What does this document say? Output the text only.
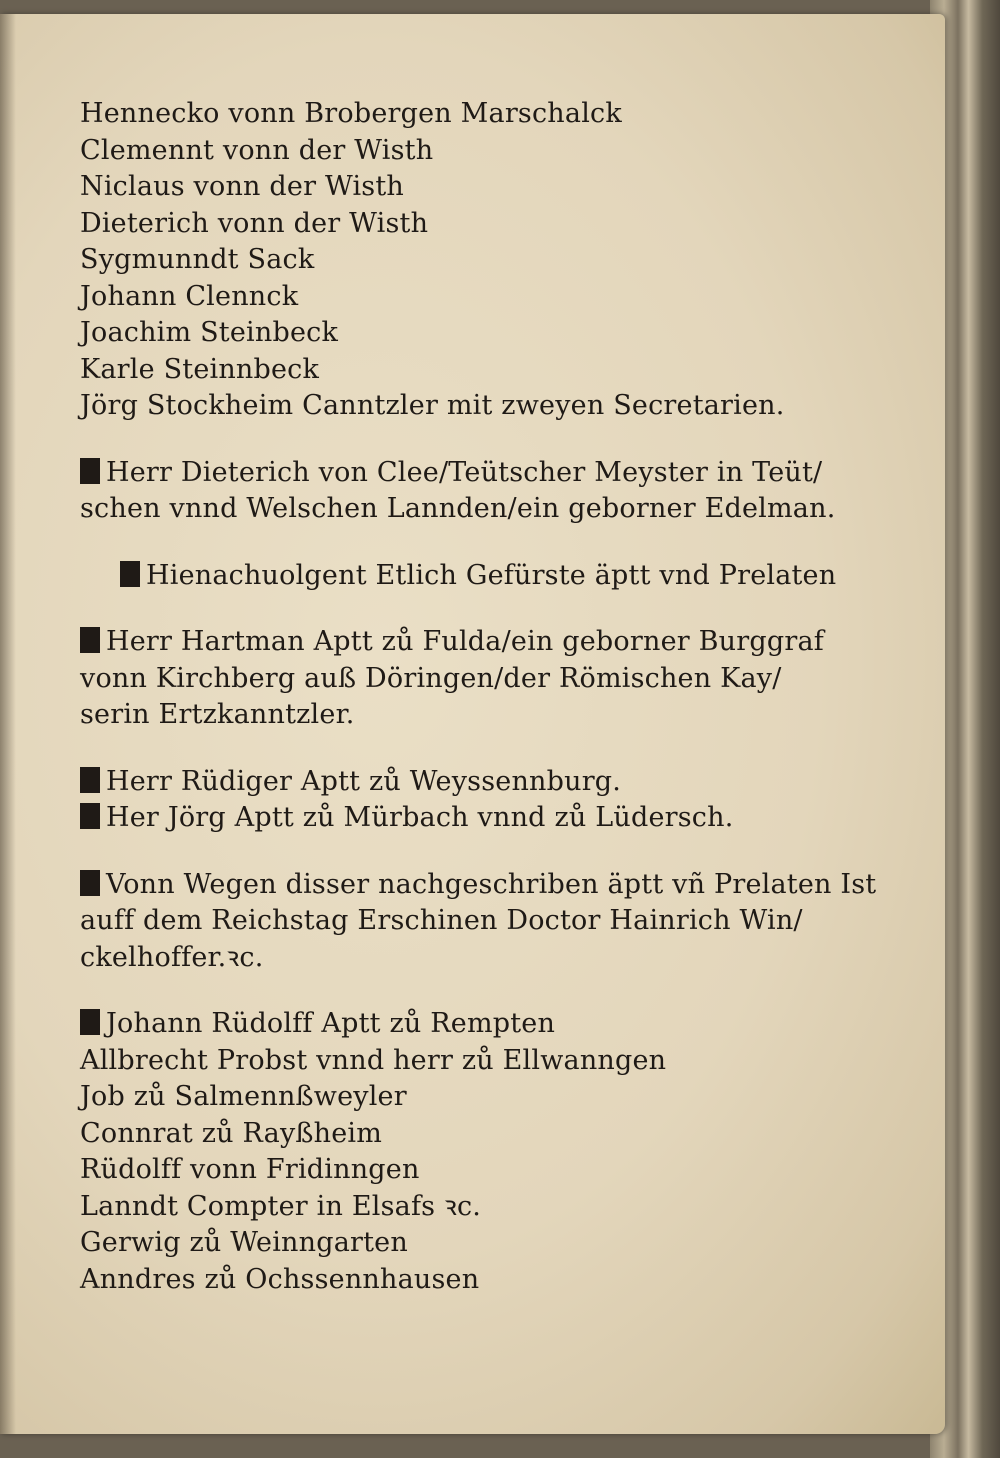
Hennecko vonn Brobergen Marschalck
Clemennt vonn der Wisth
Niclaus vonn der Wisth
Dieterich vonn der Wisth
Sygmunndt Sack
Johann Clennck
Joachim Steinbeck
Karle Steinnbeck
Jörg Stockheim Canntzler mit zweyen Secretarien.
Herr Dieterich von Clee/Teütscher Meyster in Teüt/
schen vnnd Welschen Lannden/ein geborner Edelman.
Hienachuolgent Etlich Gefürste äptt vnd Prelaten
Herr Hartman Aptt zů Fulda/ein geborner Burggraf
vonn Kirchberg auß Döringen/der Römischen Kay/
serin Ertzkanntzler.
Herr Rüdiger Aptt zů Weyssennburg.
Her Jörg Aptt zů Mürbach vnnd zů Lüdersch.
Vonn Wegen disser nachgeschriben äptt vñ Prelaten Ist
auff dem Reichstag Erschinen Doctor Hainrich Win/
ckelhoffer.ꝛc.
Johann Rüdolff Aptt zů Rempten
Allbrecht Probst vnnd herr zů Ellwanngen
Job zů Salmennßweyler
Connrat zů Rayßheim
Rüdolff vonn Fridinngen
Lanndt Compter in Elsafs ꝛc.
Gerwig zů Weinngarten
Anndres zů Ochssennhausen
